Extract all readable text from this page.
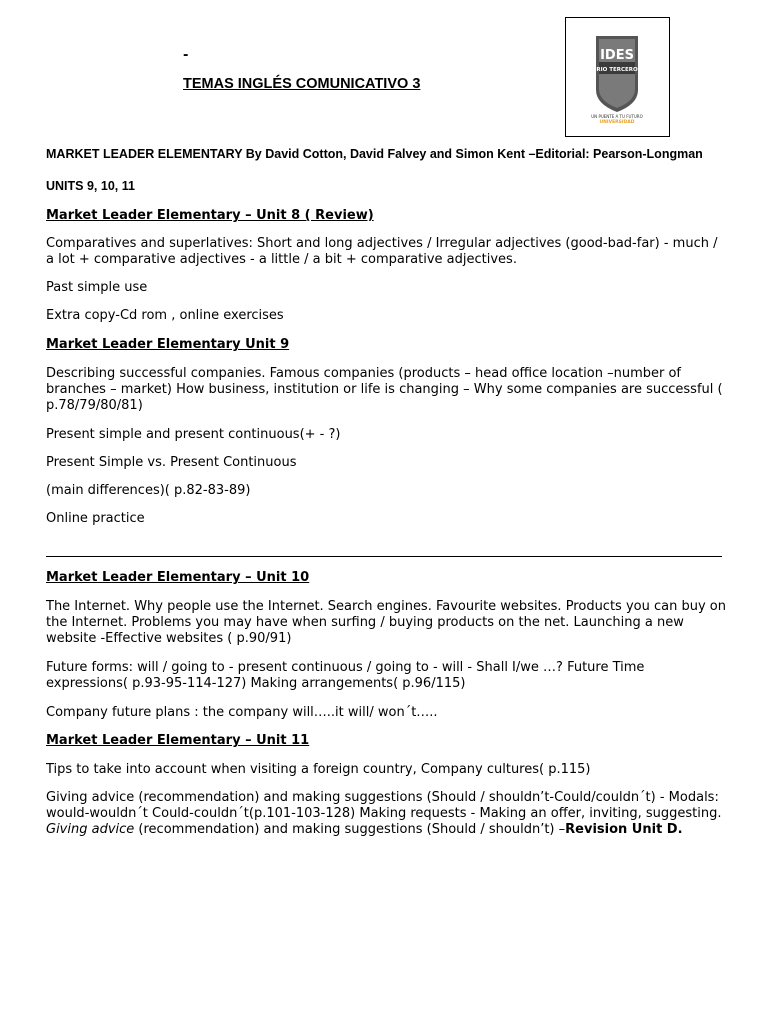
-
TEMAS INGLÉS COMUNICATIVO 3
IDES
RIO TERCERO
UN PUENTE A TU FUTURO
UNIVERSIDAD
MARKET LEADER ELEMENTARY By David Cotton, David Falvey and Simon Kent –Editorial: Pearson-Longman
UNITS 9, 10, 11
Market Leader Elementary – Unit 8 ( Review)
Comparatives and superlatives: Short and long adjectives / Irregular adjectives (good-bad-far) - much / a lot + comparative adjectives - a little / a bit + comparative adjectives.
Past simple use
Extra copy-Cd rom , online exercises
Market Leader Elementary Unit 9
Describing successful companies. Famous companies (products – head office location –number of branches – market) How business, institution or life is changing – Why some companies are successful ( p.78/79/80/81)
Present simple and present continuous(+ - ?)
Present Simple vs. Present Continuous
(main differences)( p.82-83-89)
Online practice
Market Leader Elementary – Unit 10
The Internet. Why people use the Internet. Search engines. Favourite websites. Products you can buy on the Internet. Problems you may have when surfing / buying products on the net. Launching a new website -Effective websites ( p.90/91)
Future forms: will / going to - present continuous / going to - will - Shall I/we …? Future Time expressions( p.93-95-114-127) Making arrangements( p.96/115)
Company future plans : the company will…..it will/ won´t…..
Market Leader Elementary – Unit 11
Tips to take into account when visiting a foreign country, Company cultures( p.115)
Giving advice (recommendation) and making suggestions (Should / shouldn’t-Could/couldn´t) - Modals: would-wouldn´t Could-couldn´t(p.101-103-128) Making requests - Making an offer, inviting, suggesting.
Giving advice (recommendation) and making suggestions (Should / shouldn’t) –Revision Unit D.
